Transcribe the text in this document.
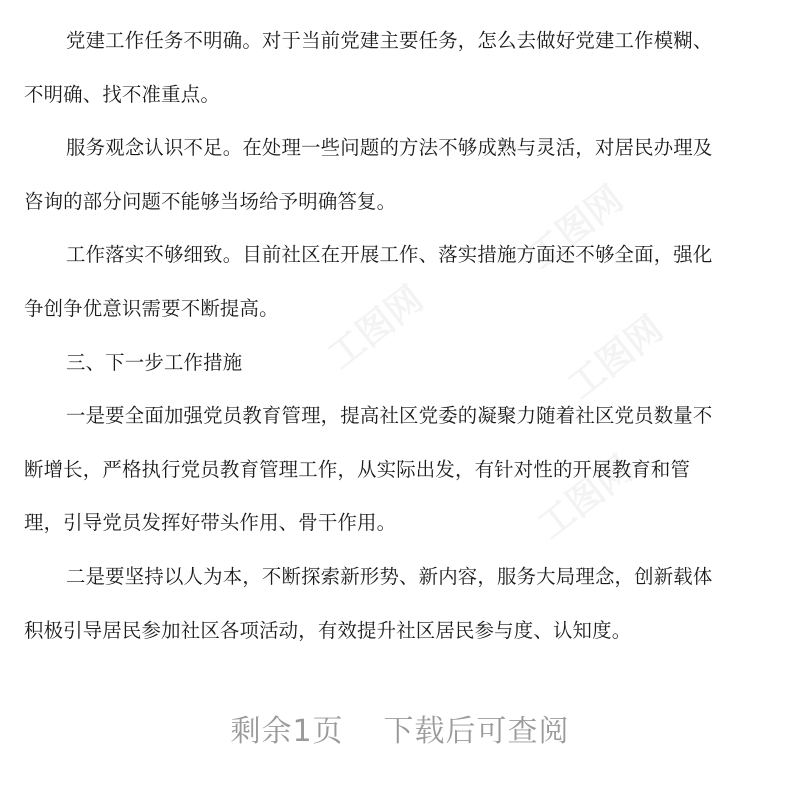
工图网
工图网
工图网
工图网

党建工作任务不明确。对于当前党建主要任务，怎么去做好党建工作模糊、
不明确、找不准重点。

服务观念认识不足。在处理一些问题的方法不够成熟与灵活，对居民办理及
咨询的部分问题不能够当场给予明确答复。

工作落实不够细致。目前社区在开展工作、落实措施方面还不够全面，强化
争创争优意识需要不断提高。

三、下一步工作措施

一是要全面加强党员教育管理，提高社区党委的凝聚力随着社区党员数量不
断增长，严格执行党员教育管理工作，从实际出发，有针对性的开展教育和管
理，引导党员发挥好带头作用、骨干作用。

二是要坚持以人为本，不断探索新形势、新内容，服务大局理念，创新载体
积极引导居民参加社区各项活动，有效提升社区居民参与度、认知度。

剩余1页 下载后可查阅
